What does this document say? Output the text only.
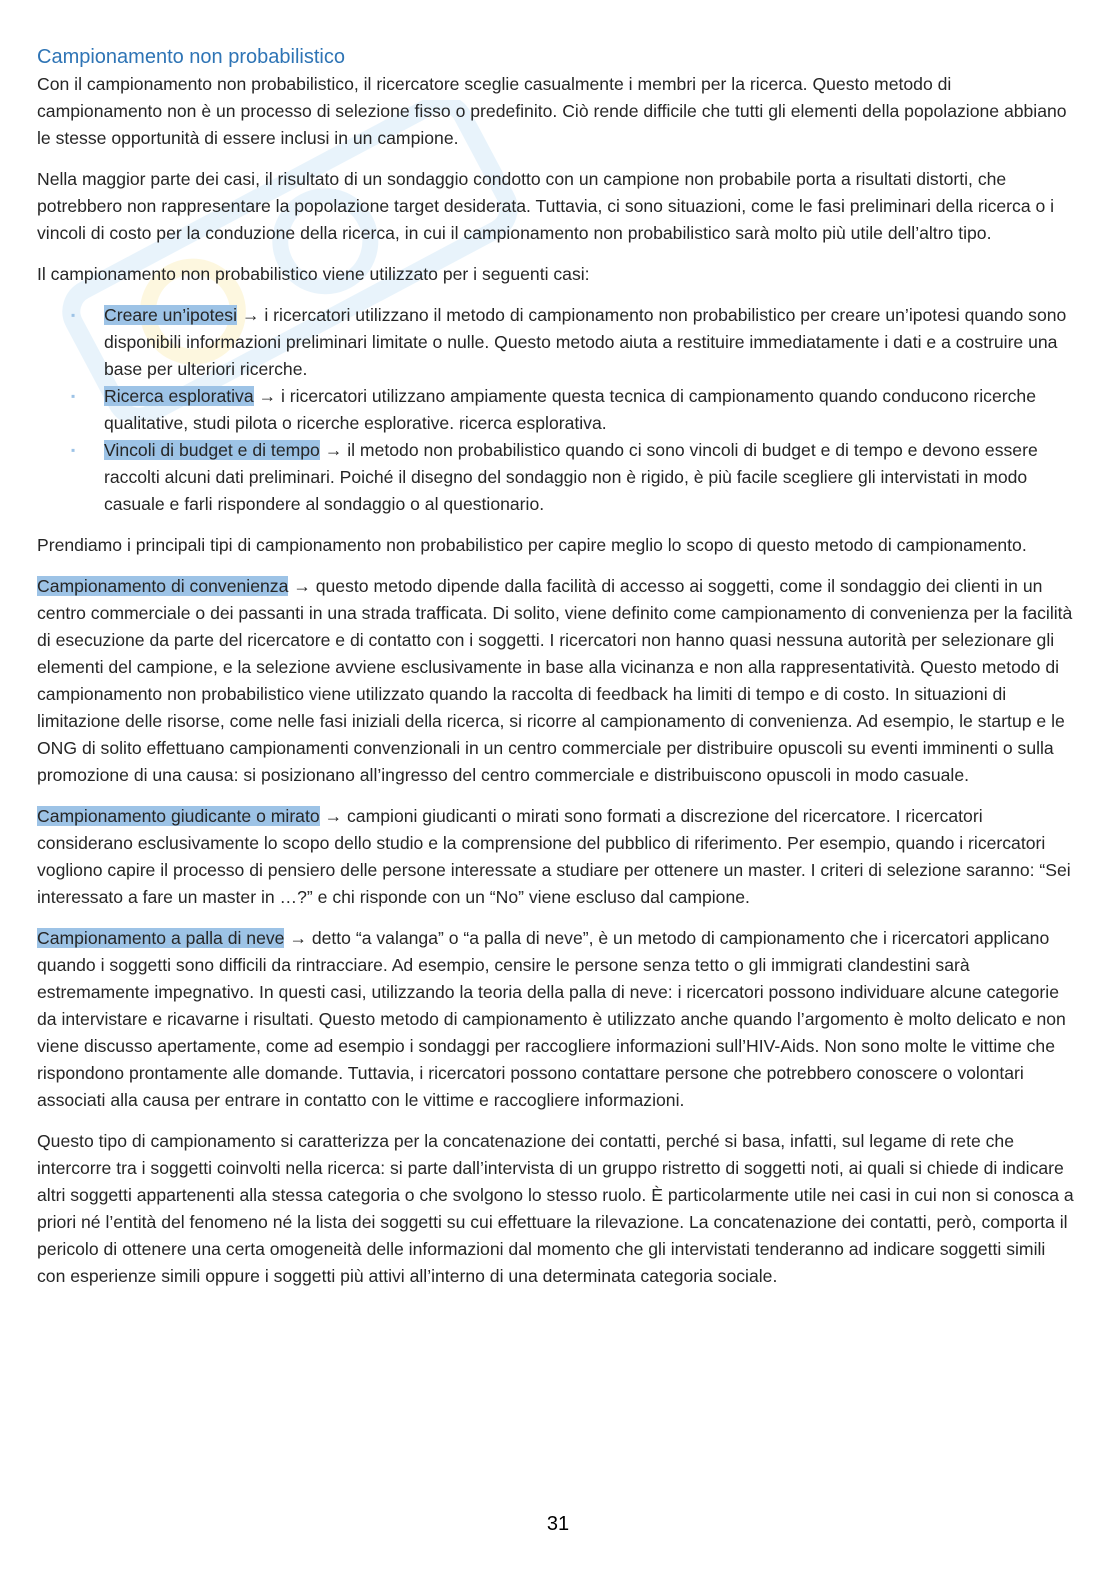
Campionamento non probabilistico

Con il campionamento non probabilistico, il ricercatore sceglie casualmente i membri per la ricerca. Questo metodo di campionamento non è un processo di selezione fisso o predefinito. Ciò rende difficile che tutti gli elementi della popolazione abbiano le stesse opportunità di essere inclusi in un campione.

Nella maggior parte dei casi, il risultato di un sondaggio condotto con un campione non probabile porta a risultati distorti, che potrebbero non rappresentare la popolazione target desiderata. Tuttavia, ci sono situazioni, come le fasi preliminari della ricerca o i vincoli di costo per la conduzione della ricerca, in cui il campionamento non probabilistico sarà molto più utile dell’altro tipo.

Il campionamento non probabilistico viene utilizzato per i seguenti casi:

▪ Creare un’ipotesi → i ricercatori utilizzano il metodo di campionamento non probabilistico per creare un’ipotesi quando sono disponibili informazioni preliminari limitate o nulle. Questo metodo aiuta a restituire immediatamente i dati e a costruire una base per ulteriori ricerche.
▪ Ricerca esplorativa → i ricercatori utilizzano ampiamente questa tecnica di campionamento quando conducono ricerche qualitative, studi pilota o ricerche esplorative. ricerca esplorativa.
▪ Vincoli di budget e di tempo → il metodo non probabilistico quando ci sono vincoli di budget e di tempo e devono essere raccolti alcuni dati preliminari. Poiché il disegno del sondaggio non è rigido, è più facile scegliere gli intervistati in modo casuale e farli rispondere al sondaggio o al questionario.

Prendiamo i principali tipi di campionamento non probabilistico per capire meglio lo scopo di questo metodo di campionamento.

Campionamento di convenienza → questo metodo dipende dalla facilità di accesso ai soggetti, come il sondaggio dei clienti in un centro commerciale o dei passanti in una strada trafficata. Di solito, viene definito come campionamento di convenienza per la facilità di esecuzione da parte del ricercatore e di contatto con i soggetti. I ricercatori non hanno quasi nessuna autorità per selezionare gli elementi del campione, e la selezione avviene esclusivamente in base alla vicinanza e non alla rappresentatività. Questo metodo di campionamento non probabilistico viene utilizzato quando la raccolta di feedback ha limiti di tempo e di costo. In situazioni di limitazione delle risorse, come nelle fasi iniziali della ricerca, si ricorre al campionamento di convenienza. Ad esempio, le startup e le ONG di solito effettuano campionamenti convenzionali in un centro commerciale per distribuire opuscoli su eventi imminenti o sulla promozione di una causa: si posizionano all’ingresso del centro commerciale e distribuiscono opuscoli in modo casuale.

Campionamento giudicante o mirato → campioni giudicanti o mirati sono formati a discrezione del ricercatore. I ricercatori considerano esclusivamente lo scopo dello studio e la comprensione del pubblico di riferimento. Per esempio, quando i ricercatori vogliono capire il processo di pensiero delle persone interessate a studiare per ottenere un master. I criteri di selezione saranno: “Sei interessato a fare un master in …?” e chi risponde con un “No” viene escluso dal campione.

Campionamento a palla di neve → detto “a valanga” o “a palla di neve”, è un metodo di campionamento che i ricercatori applicano quando i soggetti sono difficili da rintracciare. Ad esempio, censire le persone senza tetto o gli immigrati clandestini sarà estremamente impegnativo. In questi casi, utilizzando la teoria della palla di neve: i ricercatori possono individuare alcune categorie da intervistare e ricavarne i risultati. Questo metodo di campionamento è utilizzato anche quando l’argomento è molto delicato e non viene discusso apertamente, come ad esempio i sondaggi per raccogliere informazioni sull’HIV-Aids. Non sono molte le vittime che rispondono prontamente alle domande. Tuttavia, i ricercatori possono contattare persone che potrebbero conoscere o volontari associati alla causa per entrare in contatto con le vittime e raccogliere informazioni.

Questo tipo di campionamento si caratterizza per la concatenazione dei contatti, perché si basa, infatti, sul legame di rete che intercorre tra i soggetti coinvolti nella ricerca: si parte dall’intervista di un gruppo ristretto di soggetti noti, ai quali si chiede di indicare altri soggetti appartenenti alla stessa categoria o che svolgono lo stesso ruolo. È particolarmente utile nei casi in cui non si conosca a priori né l’entità del fenomeno né la lista dei soggetti su cui effettuare la rilevazione. La concatenazione dei contatti, però, comporta il pericolo di ottenere una certa omogeneità delle informazioni dal momento che gli intervistati tenderanno ad indicare soggetti simili con esperienze simili oppure i soggetti più attivi all’interno di una determinata categoria sociale.

31
